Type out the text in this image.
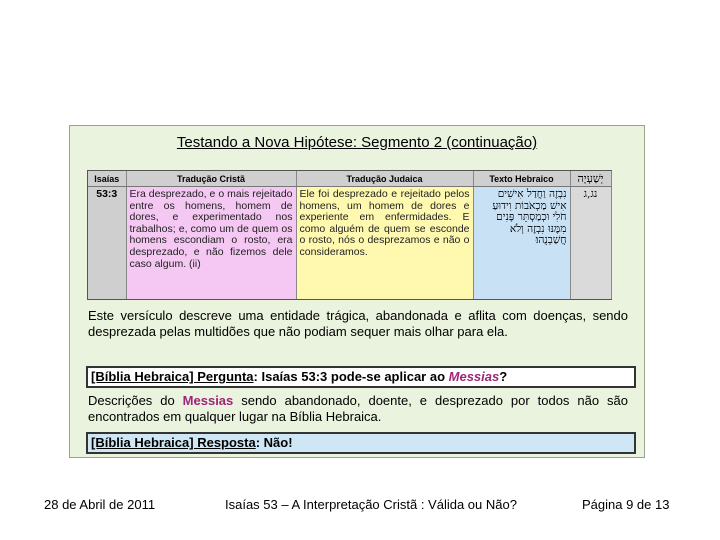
Testando a Nova Hipótese: Segmento 2 (continuação)
Isaías	Tradução Cristã	Tradução Judaica	Texto Hebraico	יְשַׁעְיָה
53:3	Era desprezado, e o mais rejeitado entre os homens, homem de dores, e experimentado nos trabalhos; e, como um de quem os homens escondiam o rosto, era desprezado, e não fizemos dele caso algum. (ii)	Ele foi desprezado e rejeitado pelos homens, um homem de dores e experiente em enfermidades. E como alguém de quem se esconde o rosto, nós o desprezamos e não o consideramos.	נִבְזֶה וַחֲדַל אִישִׁים
אִישׁ מַכְאֹבוֹת וִידוּעַ
חֹלִי וּכְמַסְתֵּר פָּנִים
מִמֶּנּוּ נִבְזֶה וְלֹא
חֲשַׁבְנֻהוּ׃	נג,ג
Este versículo descreve uma entidade trágica, abandonada e aflita com doenças, sendo desprezada pelas multidões que não podiam sequer mais olhar para ela.
[Bíblia Hebraica] Pergunta: Isaías 53:3 pode-se aplicar ao Messias?
Descrições do Messias sendo abandonado, doente, e desprezado por todos não são encontrados em qualquer lugar na Bíblia Hebraica.
[Bíblia Hebraica] Resposta: Não!
28 de Abril de 2011	Isaías 53 – A Interpretação Cristã : Válida ou Não?	Página 9 de 13
